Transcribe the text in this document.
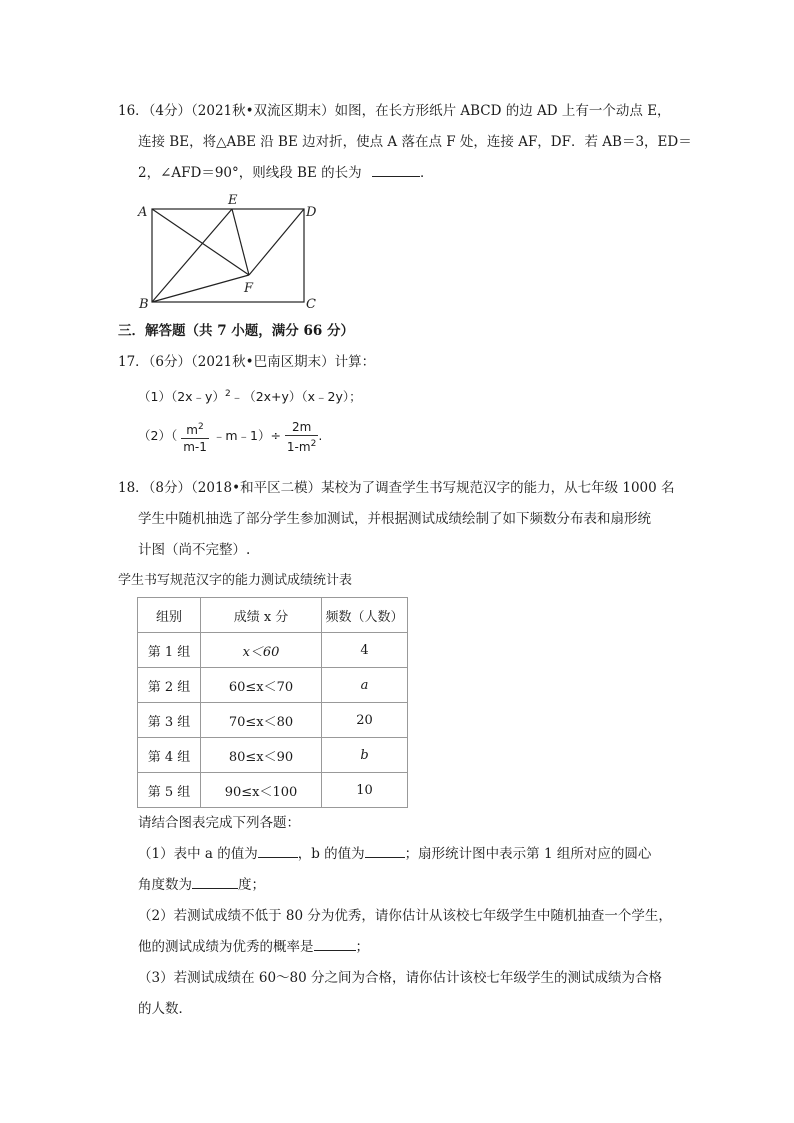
16．（4分）（2021秋•双流区期末）如图，在长方形纸片 ABCD 的边 AD 上有一个动点 E，
连接 BE，将△ABE 沿 BE 边对折，使点 A 落在点 F 处，连接 AF，DF．若 AB＝3，ED＝
2，∠AFD＝90°，则线段 BE 的长为	．
A
E
D
B	C
F
三．解答题（共 7 小题，满分 66 分）
17．（6分）（2021秋•巴南区期末）计算：
（1）（2x﹣y）$^2$﹣（2x+y）（x﹣2y）；
$(2)( \frac{m^2}{m-1}$ ﹣m﹣1）÷ $\frac{2m}{1-m^2}$ .
18．（8分）（2018•和平区二模）某校为了调查学生书写规范汉字的能力，从七年级 1000 名
学生中随机抽选了部分学生参加测试，并根据测试成绩绘制了如下频数分布表和扇形统
计图（尚不完整）.
学生书写规范汉字的能力测试成绩统计表
组别	成绩 x 分	频数（人数）
第 1 组	x＜60	4
第 2 组	60≤x＜70	a
第 3 组	70≤x＜80	20
第 4 组	80≤x＜90	b
第 5 组	90≤x＜100	10
请结合图表完成下列各题：
（1）表中 a 的值为	，b 的值为	；扇形统计图中表示第 1 组所对应的圆心
角度数为	度；
（2）若测试成绩不低于 80 分为优秀，请你估计从该校七年级学生中随机抽查一个学生，
他的测试成绩为优秀的概率是	；
（3）若测试成绩在 60～80 分之间为合格，请你估计该校七年级学生的测试成绩为合格
的人数．
